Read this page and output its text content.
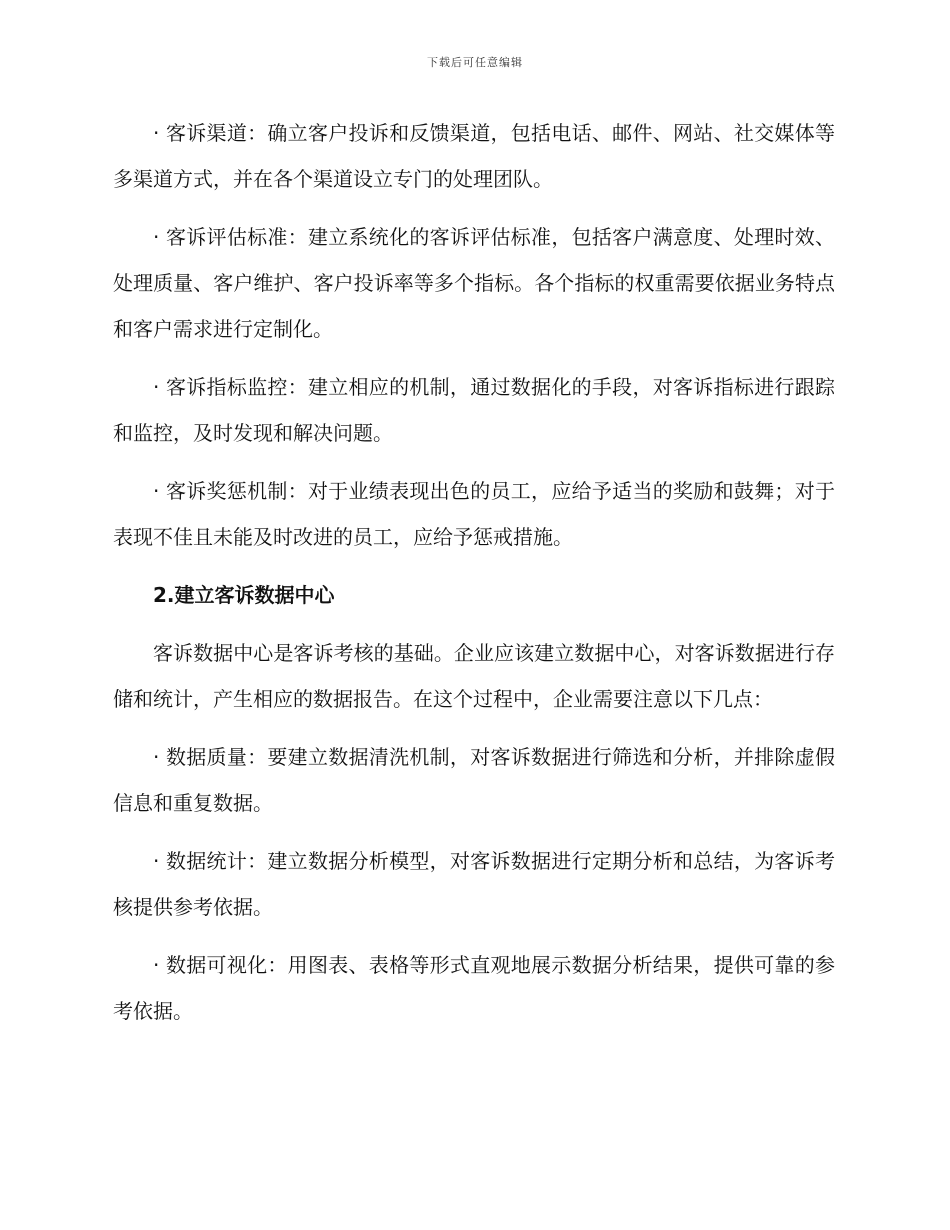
下载后可任意编辑

· 客诉渠道：确立客户投诉和反馈渠道，包括电话、邮件、网站、社交媒体等多渠道方式，并在各个渠道设立专门的处理团队。

· 客诉评估标准：建立系统化的客诉评估标准，包括客户满意度、处理时效、处理质量、客户维护、客户投诉率等多个指标。各个指标的权重需要依据业务特点和客户需求进行定制化。

· 客诉指标监控：建立相应的机制，通过数据化的手段，对客诉指标进行跟踪和监控，及时发现和解决问题。

· 客诉奖惩机制：对于业绩表现出色的员工，应给予适当的奖励和鼓舞；对于表现不佳且未能及时改进的员工，应给予惩戒措施。

2.建立客诉数据中心

客诉数据中心是客诉考核的基础。企业应该建立数据中心，对客诉数据进行存储和统计，产生相应的数据报告。在这个过程中，企业需要注意以下几点：

· 数据质量：要建立数据清洗机制，对客诉数据进行筛选和分析，并排除虚假信息和重复数据。

· 数据统计：建立数据分析模型，对客诉数据进行定期分析和总结，为客诉考核提供参考依据。

· 数据可视化：用图表、表格等形式直观地展示数据分析结果，提供可靠的参考依据。
